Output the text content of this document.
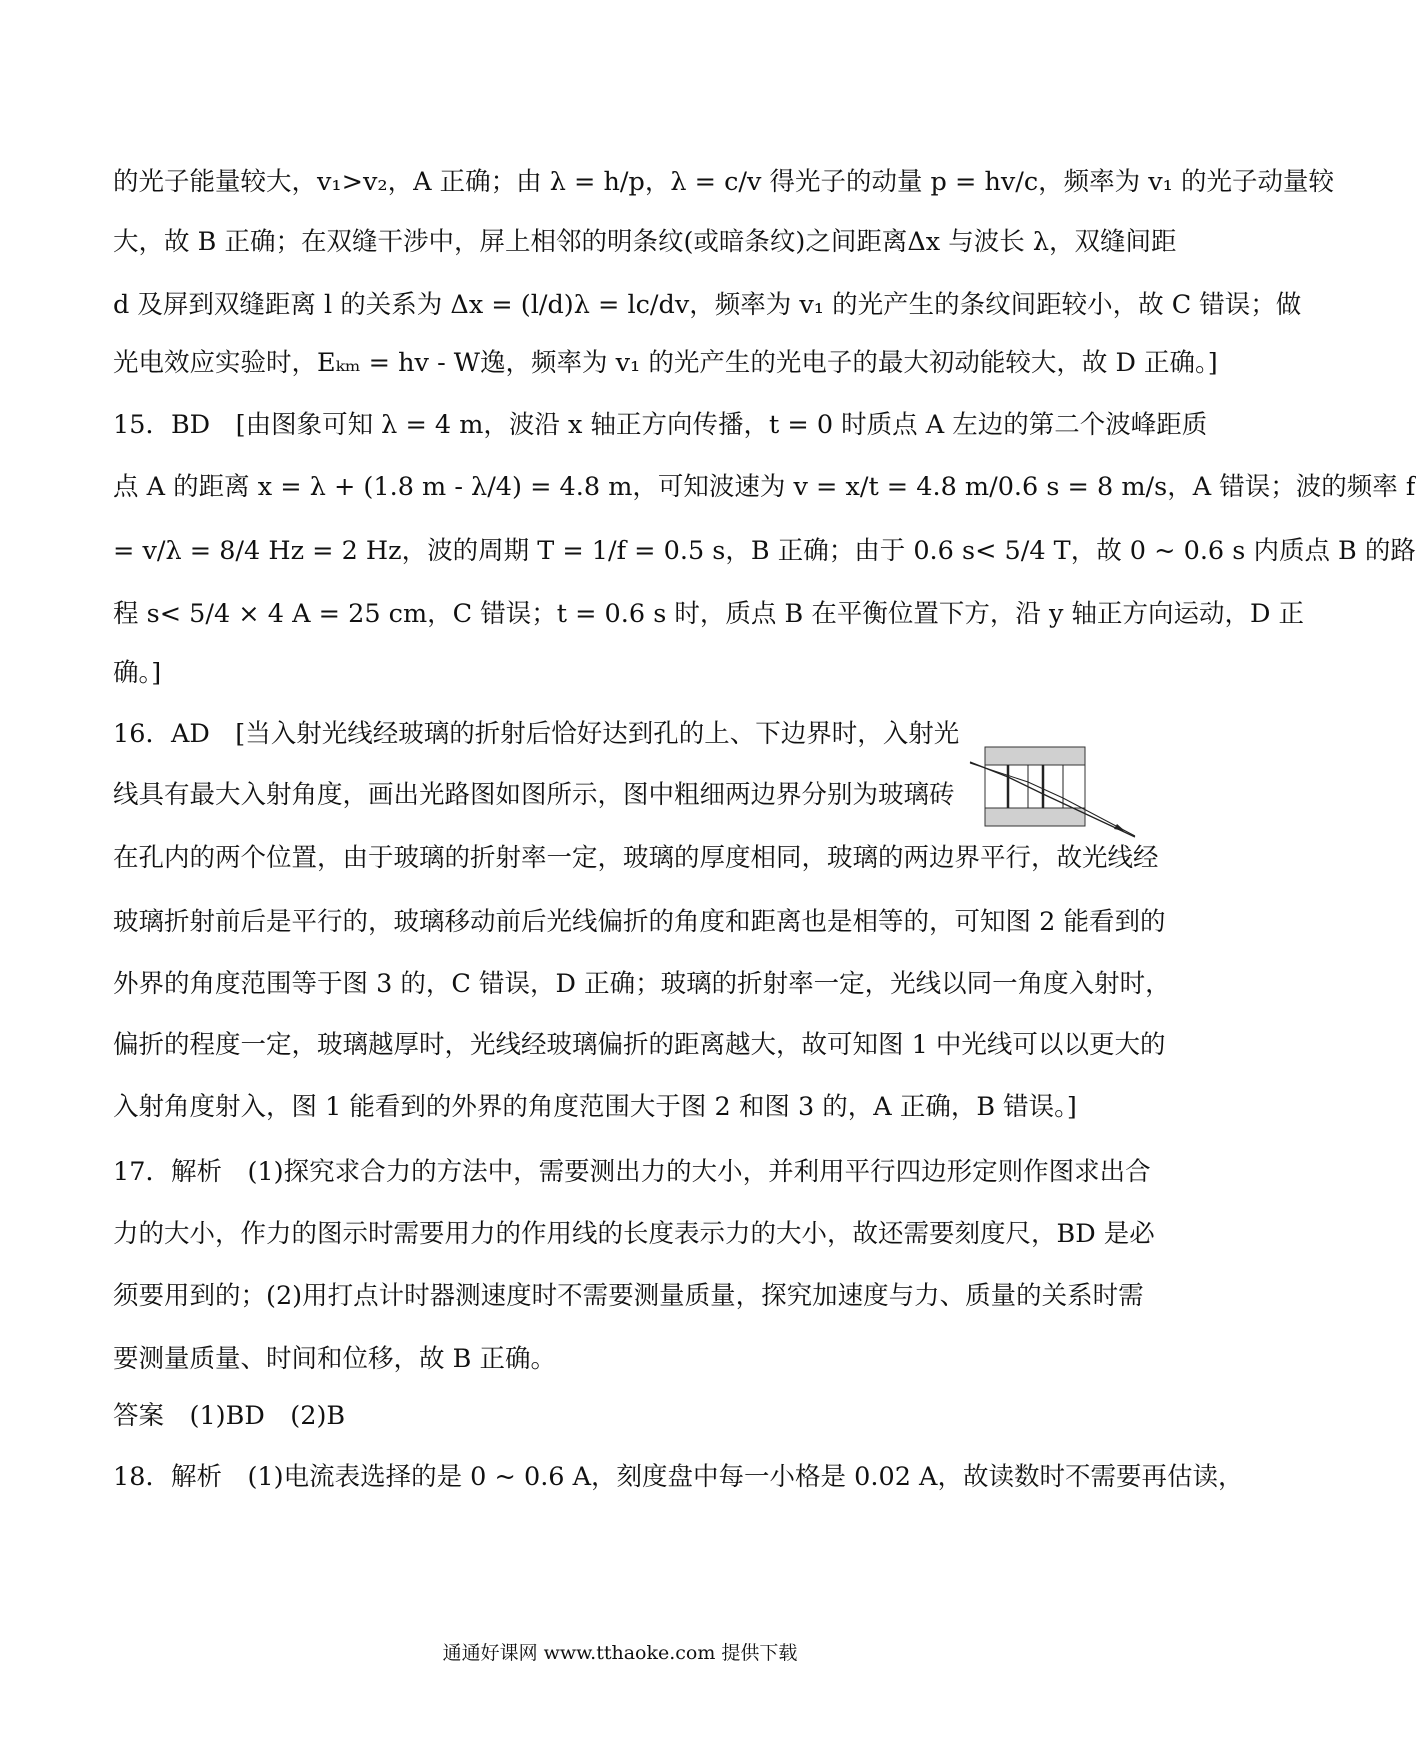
的光子能量较大，v₁>v₂，A 正确；由 λ = h/p，λ = c/v 得光子的动量 p = hv/c，频率为 v₁ 的光子动量较
大，故 B 正确；在双缝干涉中，屏上相邻的明条纹(或暗条纹)之间距离Δx 与波长 λ，双缝间距
d 及屏到双缝距离 l 的关系为 Δx = (l/d)λ = lc/dv，频率为 v₁ 的光产生的条纹间距较小，故 C 错误；做
光电效应实验时，Eₖₘ = hv - W逸，频率为 v₁ 的光产生的光电子的最大初动能较大，故 D 正确。]
15．BD　[由图象可知 λ = 4 m，波沿 x 轴正方向传播，t = 0 时质点 A 左边的第二个波峰距质
点 A 的距离 x = λ + (1.8 m - λ/4) = 4.8 m，可知波速为 v = x/t = 4.8 m/0.6 s = 8 m/s，A 错误；波的频率 f
= v/λ = 8/4 Hz = 2 Hz，波的周期 T = 1/f = 0.5 s，B 正确；由于 0.6 s< 5/4 T，故 0 ~ 0.6 s 内质点 B 的路
程 s< 5/4 × 4 A = 25 cm，C 错误；t = 0.6 s 时，质点 B 在平衡位置下方，沿 y 轴正方向运动，D 正
确。]
16．AD　[当入射光线经玻璃的折射后恰好达到孔的上、下边界时，入射光
线具有最大入射角度，画出光路图如图所示，图中粗细两边界分别为玻璃砖
在孔内的两个位置，由于玻璃的折射率一定，玻璃的厚度相同，玻璃的两边界平行，故光线经
玻璃折射前后是平行的，玻璃移动前后光线偏折的角度和距离也是相等的，可知图 2 能看到的
外界的角度范围等于图 3 的，C 错误，D 正确；玻璃的折射率一定，光线以同一角度入射时，
偏折的程度一定，玻璃越厚时，光线经玻璃偏折的距离越大，故可知图 1 中光线可以以更大的
入射角度射入，图 1 能看到的外界的角度范围大于图 2 和图 3 的，A 正确，B 错误。]
17．解析　(1)探究求合力的方法中，需要测出力的大小，并利用平行四边形定则作图求出合
力的大小，作力的图示时需要用力的作用线的长度表示力的大小，故还需要刻度尺，BD 是必
须要用到的；(2)用打点计时器测速度时不需要测量质量，探究加速度与力、质量的关系时需
要测量质量、时间和位移，故 B 正确。
答案　(1)BD　(2)B
18．解析　(1)电流表选择的是 0 ~ 0.6 A，刻度盘中每一小格是 0.02 A，故读数时不需要再估读，
通通好课网 www.tthaoke.com 提供下载
